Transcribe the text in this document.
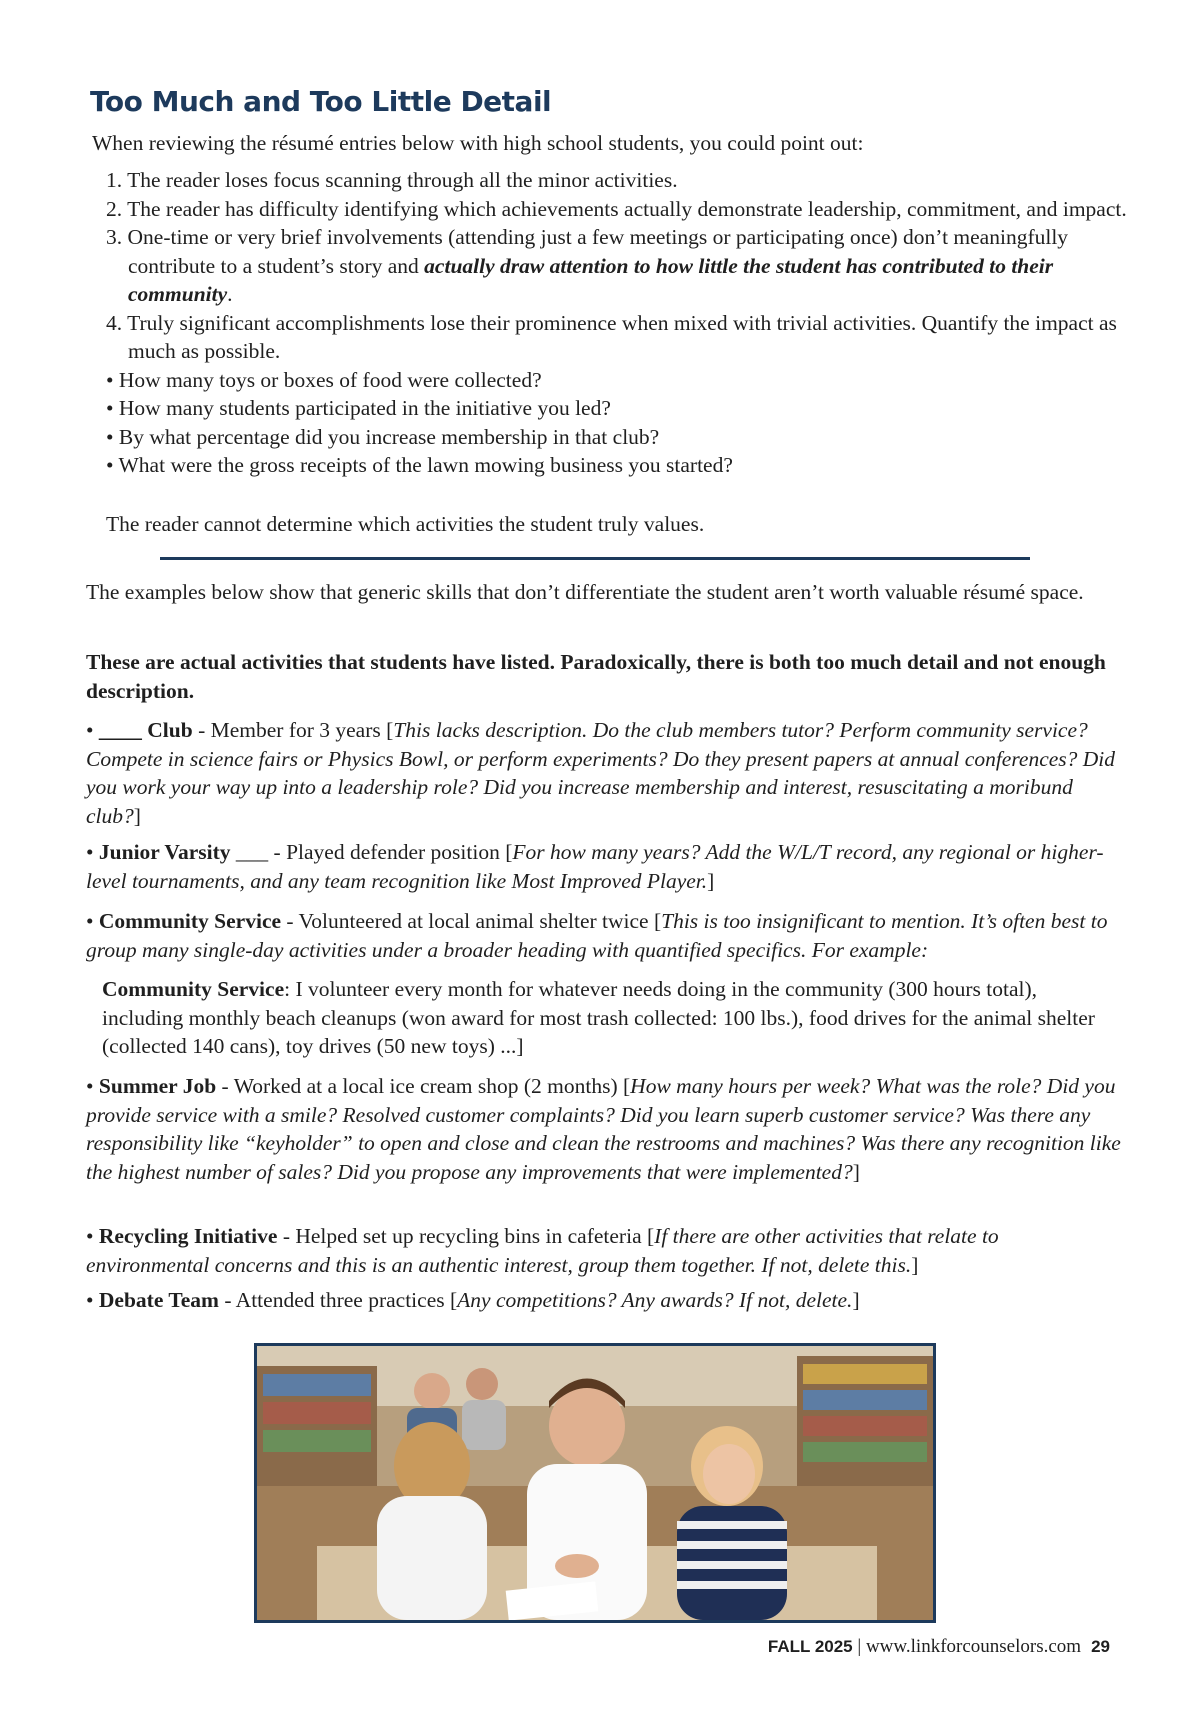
Too Much and Too Little Detail

When reviewing the résumé entries below with high school students, you could point out:

1. The reader loses focus scanning through all the minor activities.
2. The reader has difficulty identifying which achievements actually demonstrate leadership, commitment, and impact.
3. One-time or very brief involvements (attending just a few meetings or participating once) don’t meaningfully contribute to a student’s story and actually draw attention to how little the student has contributed to their community.
4. Truly significant accomplishments lose their prominence when mixed with trivial activities. Quantify the impact as much as possible.
• How many toys or boxes of food were collected?
• How many students participated in the initiative you led?
• By what percentage did you increase membership in that club?
• What were the gross receipts of the lawn mowing business you started?

The reader cannot determine which activities the student truly values.

The examples below show that generic skills that don’t differentiate the student aren’t worth valuable résumé space.

These are actual activities that students have listed. Paradoxically, there is both too much detail and not enough description.

• ____ Club - Member for 3 years [This lacks description. Do the club members tutor? Perform community service? Compete in science fairs or Physics Bowl, or perform experiments? Do they present papers at annual conferences? Did you work your way up into a leadership role? Did you increase membership and interest, resuscitating a moribund club?]

• Junior Varsity ___ - Played defender position [For how many years? Add the W/L/T record, any regional or higher-level tournaments, and any team recognition like Most Improved Player.]

• Community Service - Volunteered at local animal shelter twice [This is too insignificant to mention. It’s often best to group many single-day activities under a broader heading with quantified specifics. For example:

Community Service: I volunteer every month for whatever needs doing in the community (300 hours total), including monthly beach cleanups (won award for most trash collected: 100 lbs.), food drives for the animal shelter (collected 140 cans), toy drives (50 new toys) ...]

• Summer Job - Worked at a local ice cream shop (2 months) [How many hours per week? What was the role? Did you provide service with a smile? Resolved customer complaints? Did you learn superb customer service? Was there any responsibility like “keyholder” to open and close and clean the restrooms and machines? Was there any recognition like the highest number of sales? Did you propose any improvements that were implemented?]

• Recycling Initiative - Helped set up recycling bins in cafeteria [If there are other activities that relate to environmental concerns and this is an authentic interest, group them together. If not, delete this.]

• Debate Team - Attended three practices [Any competitions? Any awards? If not, delete.]

FALL 2025 | www.linkforcounselors.com 29
